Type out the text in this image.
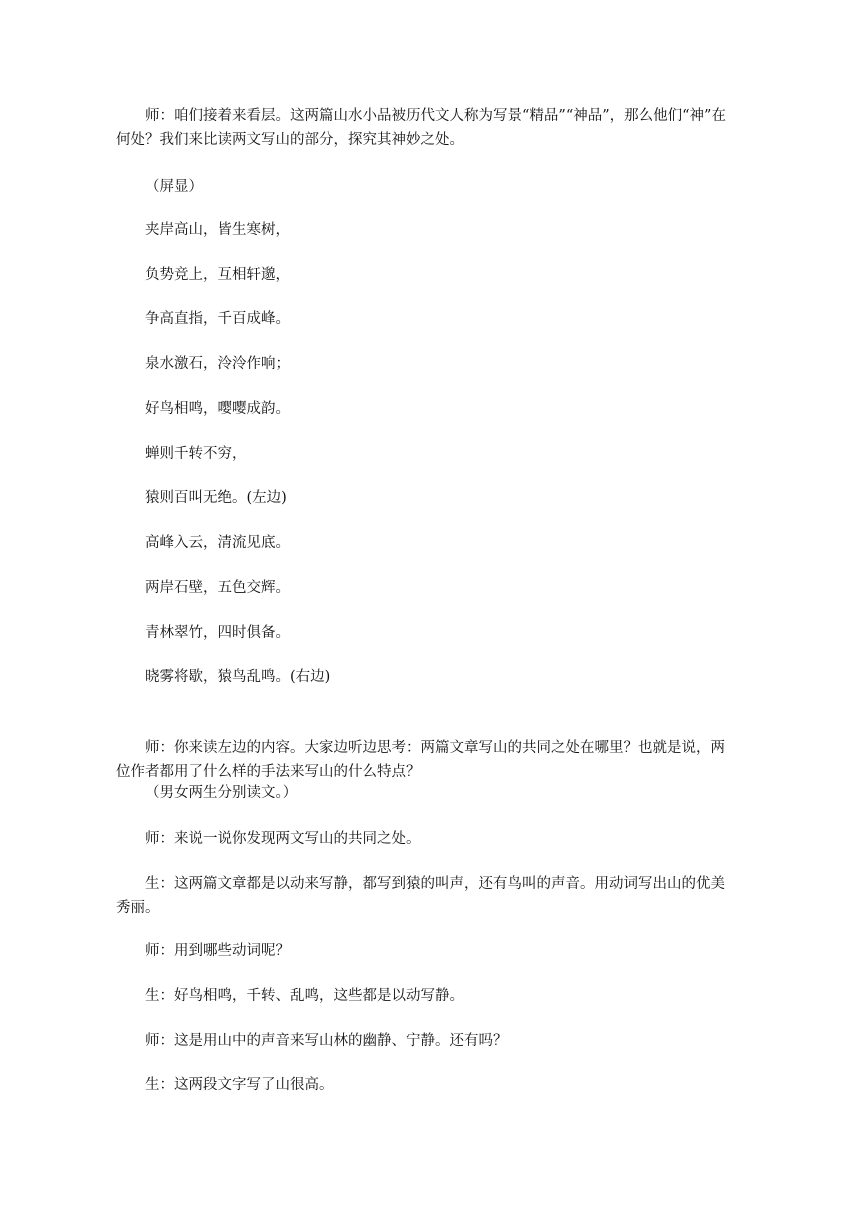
师：咱们接着来看层。这两篇山水小品被历代文人称为写景“精品”“神品”，那么他们“神”在何处？我们来比读两文写山的部分，探究其神妙之处。

（屏显）

夹岸高山，皆生寒树，

负势竞上，互相轩邈，

争高直指，千百成峰。

泉水激石，泠泠作响；

好鸟相鸣，嘤嘤成韵。

蝉则千转不穷，

猿则百叫无绝。(左边)

高峰入云，清流见底。

两岸石壁，五色交辉。

青林翠竹，四时俱备。

晓雾将歇，猿鸟乱鸣。(右边)

师：你来读左边的内容。大家边听边思考：两篇文章写山的共同之处在哪里？也就是说，两位作者都用了什么样的手法来写山的什么特点？

（男女两生分别读文。）

师：来说一说你发现两文写山的共同之处。

生：这两篇文章都是以动来写静，都写到猿的叫声，还有鸟叫的声音。用动词写出山的优美秀丽。

师：用到哪些动词呢？

生：好鸟相鸣，千转、乱鸣，这些都是以动写静。

师：这是用山中的声音来写山林的幽静、宁静。还有吗？

生：这两段文字写了山很高。
